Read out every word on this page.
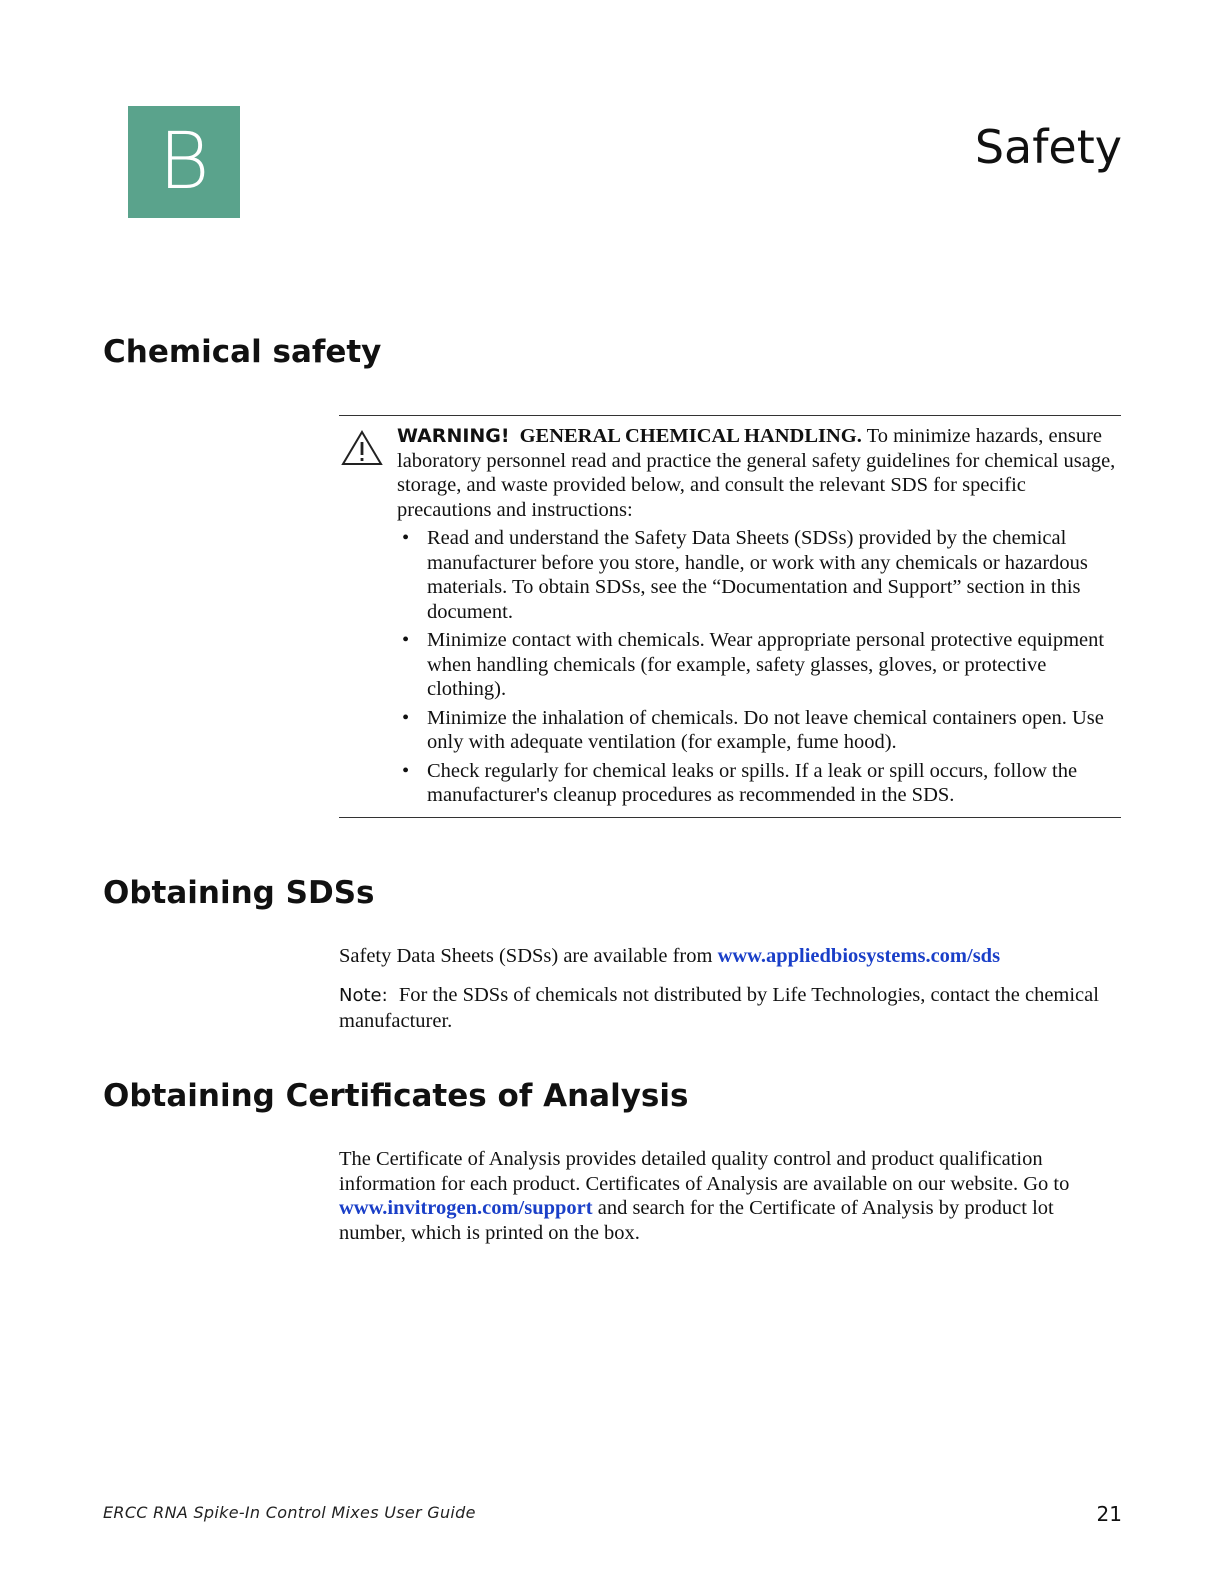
B	Safety
Chemical safety
WARNING! GENERAL CHEMICAL HANDLING. To minimize hazards, ensure laboratory personnel read and practice the general safety guidelines for chemical usage, storage, and waste provided below, and consult the relevant SDS for specific precautions and instructions:
• Read and understand the Safety Data Sheets (SDSs) provided by the chemical manufacturer before you store, handle, or work with any chemicals or hazardous materials. To obtain SDSs, see the “Documentation and Support” section in this document.
• Minimize contact with chemicals. Wear appropriate personal protective equipment when handling chemicals (for example, safety glasses, gloves, or protective clothing).
• Minimize the inhalation of chemicals. Do not leave chemical containers open. Use only with adequate ventilation (for example, fume hood).
• Check regularly for chemical leaks or spills. If a leak or spill occurs, follow the manufacturer's cleanup procedures as recommended in the SDS.
Obtaining SDSs
Safety Data Sheets (SDSs) are available from www.appliedbiosystems.com/sds
Note: For the SDSs of chemicals not distributed by Life Technologies, contact the chemical manufacturer.
Obtaining Certificates of Analysis
The Certificate of Analysis provides detailed quality control and product qualification information for each product. Certificates of Analysis are available on our website. Go to www.invitrogen.com/support and search for the Certificate of Analysis by product lot number, which is printed on the box.
ERCC RNA Spike-In Control Mixes User Guide	21
